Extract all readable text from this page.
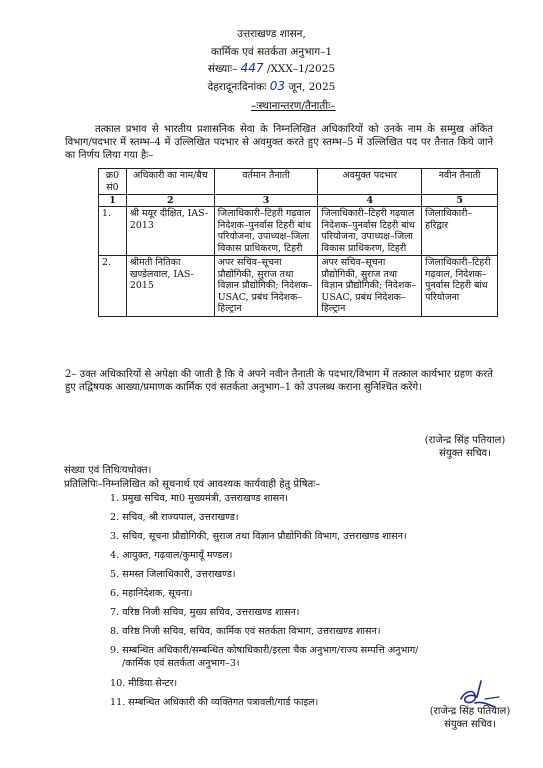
उत्तराखण्ड शासन,
कार्मिक एवं सतर्कता अनुभाग–1
संख्याः– 447 /XXX–1/2025
देहरादूनःदिनांकः 03 जून, 2025
–ःस्थानान्तरण/तैनातीः–
तत्काल प्रभाव से भारतीय प्रशासनिक सेवा के निम्नलिखित अधिकारियों को उनके नाम के सम्मुख अंकित विभाग/पदभार में स्तम्भ–4 में उल्लिखित पदभार से अवमुक्त करते हुए स्तम्भ–5 में उल्लिखित पद पर तैनात किये जाने का निर्णय लिया गया हैः–
क्र0 सं0	अधिकारी का नाम/बैच	वर्तमान तैनाती	अवमुक्त पदभार	नवीन तैनाती
1	2	3	4	5
1.	श्री मयूर दीक्षित, IAS-2013	जिलाधिकारी–टिहरी गढ़वाल निदेशक–पुनर्वास टिहरी बांध परियोजना, उपाध्यक्ष–जिला विकास प्राधिकरण, टिहरी	जिलाधिकारी–टिहरी गढ़वाल निदेशक–पुनर्वास टिहरी बांध परियोजना, उपाध्यक्ष–जिला विकास प्राधिकरण, टिहरी	जिलाधिकारी–हरिद्वार
2.	श्रीमती नितिका खण्डेलवाल, IAS-2015	अपर सचिव–सूचना प्रौद्योगिकी, सुराज तथा विज्ञान प्रौद्योगिकी; निदेशक–USAC, प्रबंध निदेशक–हिल्ट्रान	अपर सचिव–सूचना प्रौद्योगिकी, सुराज तथा विज्ञान प्रौद्योगिकी; निदेशक–USAC, प्रबंध निदेशक–हिल्ट्रान	जिलाधिकारी–टिहरी गढ़वाल, निदेशक–पुनर्वास टिहरी बांध परियोजना
2– उक्त अधिकारियों से अपेक्षा की जाती है कि वे अपने नवीन तैनाती के पदभार/विभाग में तत्काल कार्यभार ग्रहण करते हुए तद्विषयक आख्या/प्रमाणक कार्मिक एवं सतर्कता अनुभाग–1 को उपलब्ध कराना सुनिश्चित करेंगे।
(राजेन्द्र सिंह पतियाल)
संयुक्त सचिव।
संख्या एवं तिथिःयथोक्त।
प्रतिलिपिः–निम्नलिखित को सूचनार्थ एवं आवश्यक कार्यवाही हेतु प्रेषितः–
1. प्रमुख सचिव, मा0 मुख्यमंत्री, उत्तराखण्ड शासन।
2. सचिव, श्री राज्यपाल, उत्तराखण्ड।
3. सचिव, सूचना प्रौद्योगिकी, सुराज तथा विज्ञान प्रौद्योगिकी विभाग, उत्तराखण्ड शासन।
4. आयुक्त, गढ़वाल/कुमायूँ मण्डल।
5. समस्त जिलाधिकारी, उत्तराखण्ड।
6. महानिदेशक, सूचना।
7. वरिष्ठ निजी सचिव, मुख्य सचिव, उत्तराखण्ड शासन।
8. वरिष्ठ निजी सचिव, सचिव, कार्मिक एवं सतर्कता विभाग, उत्तराखण्ड शासन।
9. सम्बन्धित अधिकारी/सम्बन्धित कोषाधिकारी/इरला चैक अनुभाग/राज्य सम्पत्ति अनुभाग/
/कार्मिक एवं सतर्कता अनुभाग–3।
10. मीडिया सेन्टर।
11. सम्बन्धित अधिकारी की व्यक्तिगत पत्रावली/गार्ड फाइल।
(राजेन्द्र सिंह पतियाल)
संयुक्त सचिव।
